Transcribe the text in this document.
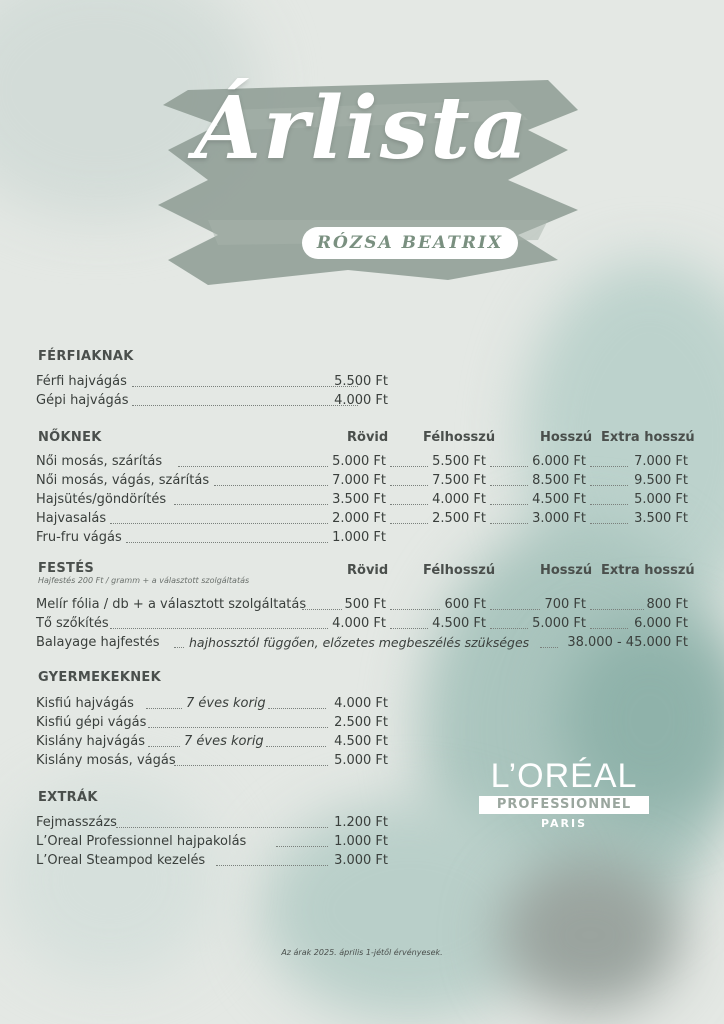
Árlista
RÓZSA BEATRIX
FÉRFIAKNAK
Férfi hajvágás	5.500 Ft
Gépi hajvágás	4.000 Ft
NŐKNEK	Rövid	Félhosszú	Hosszú Extra hosszú
Női mosás, szárítás	5.000 Ft	5.500 Ft	6.000 Ft	7.000 Ft
Női mosás, vágás, szárítás	7.000 Ft	7.500 Ft	8.500 Ft	9.500 Ft
Hajsütés/göndörítés	3.500 Ft	4.000 Ft	4.500 Ft	5.000 Ft
Hajvasalás	2.000 Ft	2.500 Ft	3.000 Ft	3.500 Ft
Fru-fru vágás	1.000 Ft
FESTÉS
Hajfestés 200 Ft / gramm + a választott szolgáltatás
Rövid	Félhosszú	Hosszú Extra hosszú
Melír fólia / db + a választott szolgáltatás	500 Ft	600 Ft	700 Ft	800 Ft
Tő szőkítés	4.000 Ft	4.500 Ft	5.000 Ft	6.000 Ft
Balayage hajfestés hajhossztól függően, előzetes megbeszélés szükséges	38.000 - 45.000 Ft
GYERMEKEKNEK
Kisfiú hajvágás	7 éves korig	4.000 Ft
Kisfiú gépi vágás	2.500 Ft
Kislány hajvágás	7 éves korig	4.500 Ft
Kislány mosás, vágás	5.000 Ft
EXTRÁK
Fejmasszázs	1.200 Ft
L’Oreal Professionnel hajpakolás	1.000 Ft
L’Oreal Steampod kezelés	3.000 Ft
L’ORÉAL
PROFESSIONNEL
PARIS
Az árak 2025. április 1-jétől érvényesek.
